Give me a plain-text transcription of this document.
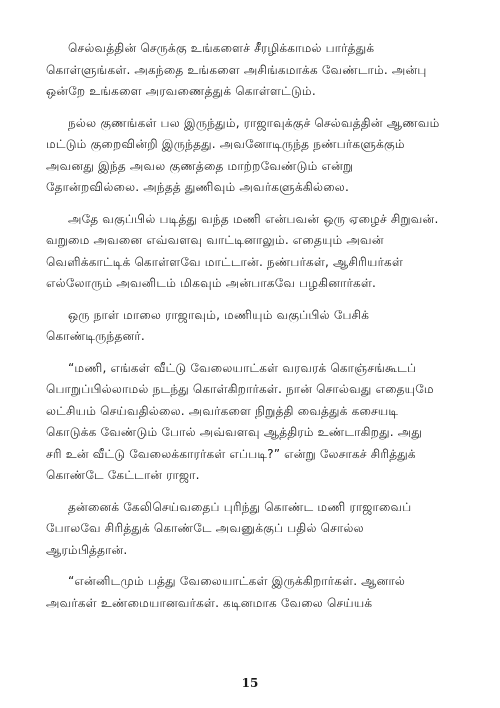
செல்வத்தின் செருக்கு உங்களைச் சீரழிக்காமல் பார்த்துக்
கொள்ளுங்கள். அகந்தை உங்களை அசிங்கமாக்க வேண்டாம். அன்பு
ஒன்றே உங்களை அரவணைத்துக் கொள்ளட்டும்.

நல்ல குணங்கள் பல இருந்தும், ராஜாவுக்குச் செல்வத்தின் ஆணவம்
மட்டும் குறைவின்றி இருந்தது. அவனோடிருந்த நண்பர்களுக்கும்
அவனது இந்த அவல குணத்தை மாற்றவேண்டும் என்று
தோன்றவில்லை. அந்தத் துணிவும் அவர்களுக்கில்லை.

அதே வகுப்பில் படித்து வந்த மணி என்பவன் ஒரு ஏழைச் சிறுவன்.
வறுமை அவனை எவ்வளவு வாட்டினாலும். எதையும் அவன்
வெளிக்காட்டிக் கொள்ளவே மாட்டான். நண்பர்கள், ஆசிரியர்கள்
எல்லோரும் அவனிடம் மிகவும் அன்பாகவே பழகினார்கள்.

ஒரு நாள் மாலை ராஜாவும், மணியும் வகுப்பில் பேசிக்
கொண்டிருந்தனர்.

“மணி, எங்கள் வீட்டு வேலையாட்கள் வரவரக் கொஞ்சங்கூடப்
பொறுப்பில்லாமல் நடந்து கொள்கிறார்கள். நான் சொல்வது எதையுமே
லட்சியம் செய்வதில்லை. அவர்களை நிறுத்தி வைத்துக் கசையடி
கொடுக்க வேண்டும் போல் அவ்வளவு ஆத்திரம் உண்டாகிறது. அது
சரி உன் வீட்டு வேலைக்காரர்கள் எப்படி?” என்று லேசாகச் சிரித்துக்
கொண்டே கேட்டான் ராஜா.

தன்னைக் கேலிசெய்வதைப் புரிந்து கொண்ட மணி ராஜாவைப்
போலவே சிரித்துக் கொண்டே அவனுக்குப் பதில் சொல்ல
ஆரம்பித்தான்.

“என்னிடமும் பத்து வேலையாட்கள் இருக்கிறார்கள். ஆனால்
அவர்கள் உண்மையானவர்கள். கடினமாக வேலை செய்யக்

15
